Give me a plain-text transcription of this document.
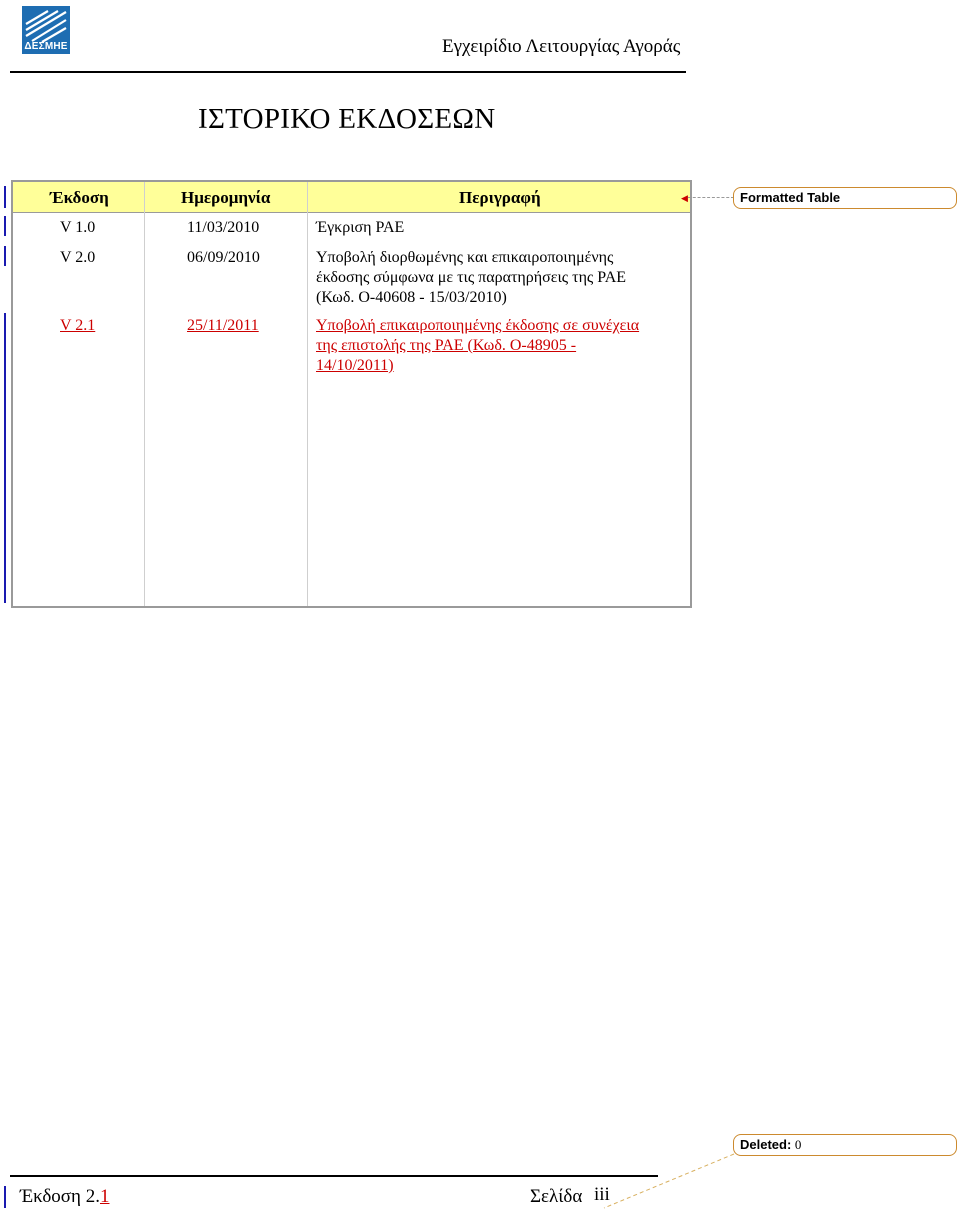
ΔΕΣΜΗΕ	Εγχειρίδιο Λειτουργίας Αγοράς
ΙΣΤΟΡΙΚΟ ΕΚΔΟΣΕΩΝ
Έκδοση	Ημερομηνία	Περιγραφή
V 1.0	11/03/2010	Έγκριση ΡΑΕ
V 2.0	06/09/2010	Υποβολή διορθωμένης και επικαιροποιημένης
έκδοσης σύμφωνα με τις παρατηρήσεις της ΡΑΕ
(Κωδ. Ο-40608 - 15/03/2010)
V 2.1	25/11/2011	Υποβολή επικαιροποιημένης έκδοσης σε συνέχεια
της επιστολής της ΡΑΕ (Κωδ. Ο-48905 -
14/10/2011)
◀	Formatted Table
Deleted: 0
Έκδοση 2.1	Σελίδα iii
